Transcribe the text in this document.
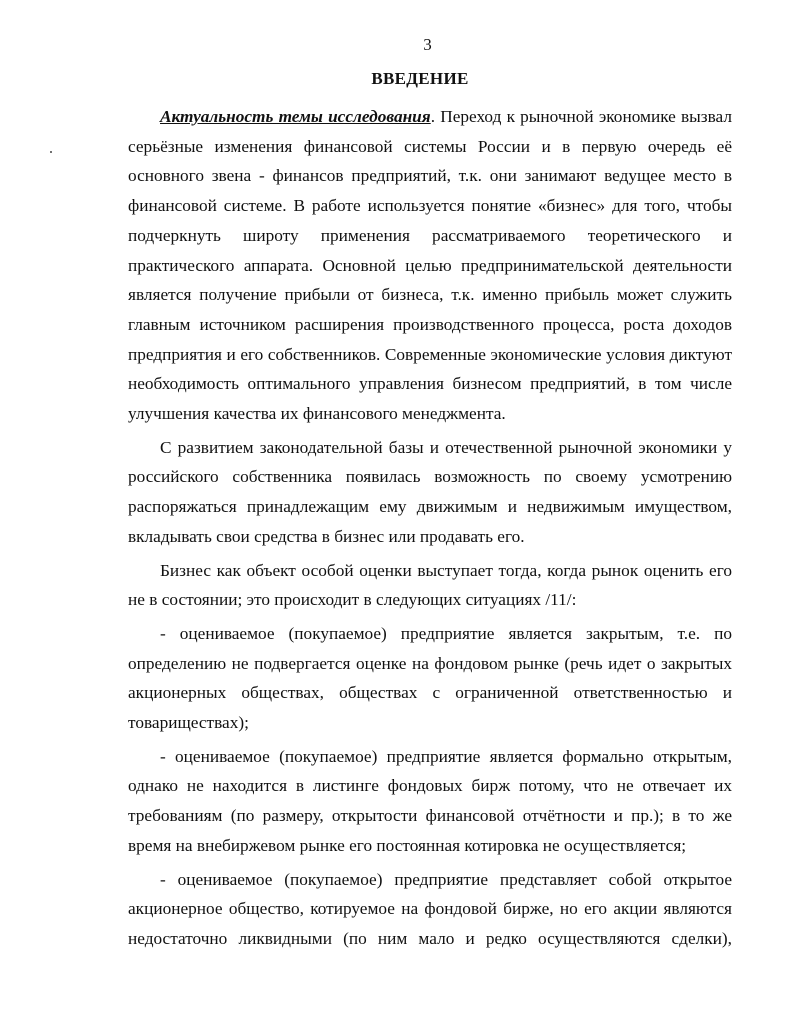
3
ВВЕДЕНИЕ

Актуальность темы исследования. Переход к рыночной экономике вызвал серьёзные изменения финансовой системы России и в первую очередь её основного звена - финансов предприятий, т.к. они занимают ведущее место в финансовой системе. В работе используется понятие «бизнес» для того, чтобы подчеркнуть широту применения рассматриваемого теоретического и практического аппарата. Основной целью предпринимательской деятельности является получение прибыли от бизнеса, т.к. именно прибыль может служить главным источником расширения производственного процесса, роста доходов предприятия и его собственников. Современные экономические условия диктуют необходимость оптимального управления бизнесом предприятий, в том числе улучшения качества их финансового менеджмента.

С развитием законодательной базы и отечественной рыночной экономики у российского собственника появилась возможность по своему усмотрению распоряжаться принадлежащим ему движимым и недвижимым имуществом, вкладывать свои средства в бизнес или продавать его.

Бизнес как объект особой оценки выступает тогда, когда рынок оценить его не в состоянии; это происходит в следующих ситуациях /11/:

- оцениваемое (покупаемое) предприятие является закрытым, т.е. по определению не подвергается оценке на фондовом рынке (речь идет о закрытых акционерных обществах, обществах с ограниченной ответственностью и товариществах);

- оцениваемое (покупаемое) предприятие является формально открытым, однако не находится в листинге фондовых бирж потому, что не отвечает их требованиям (по размеру, открытости финансовой отчётности и пр.); в то же время на внебиржевом рынке его постоянная котировка не осуществляется;

- оцениваемое (покупаемое) предприятие представляет собой открытое акционерное общество, котируемое на фондовой бирже, но его акции являются недостаточно ликвидными (по ним мало и редко осуществляются сделки),
